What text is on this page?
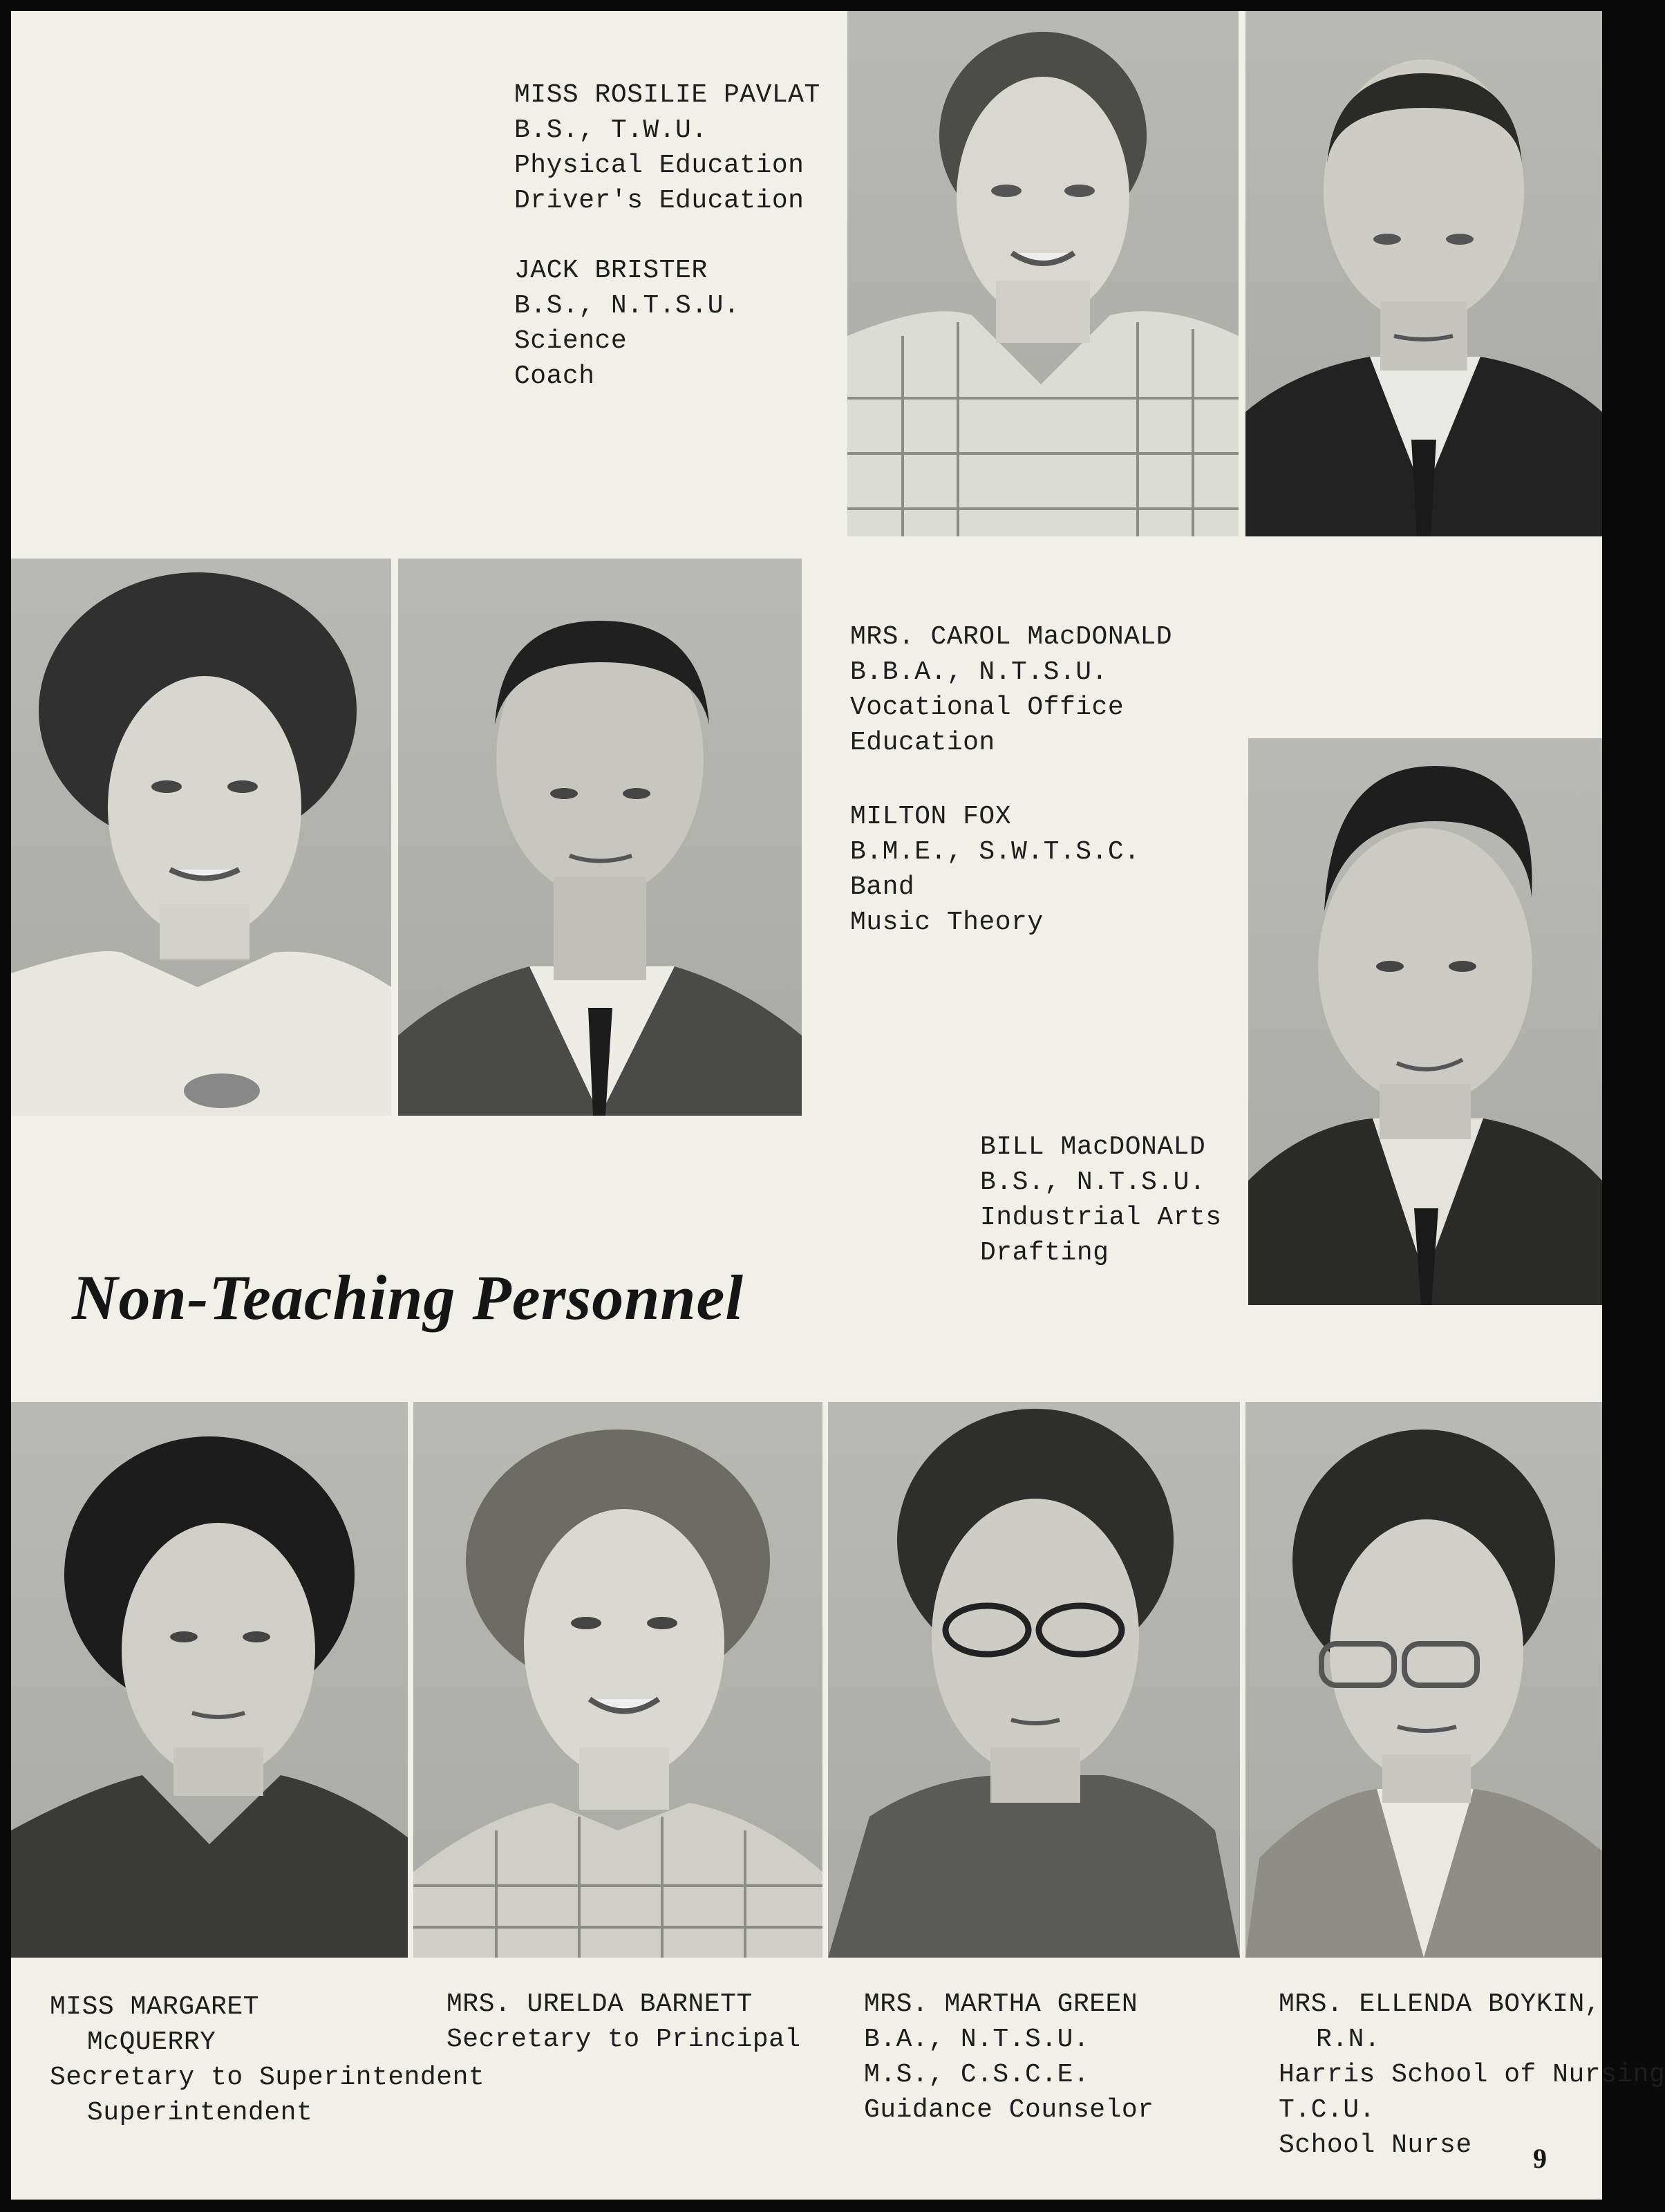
MISS ROSILIE PAVLAT
B.S., T.W.U.
Physical Education
Driver's Education
JACK BRISTER
B.S., N.T.S.U.
Science
Coach
MRS. CAROL MacDONALD
B.B.A., N.T.S.U.
Vocational Office
Education
MILTON FOX
B.M.E., S.W.T.S.C.
Band
Music Theory
BILL MacDONALD
B.S., N.T.S.U.
Industrial Arts
Drafting
Non-Teaching Personnel
MISS MARGARET
McQUERRY
Secretary to Superintendent
Superintendent
MRS. URELDA BARNETT
Secretary to Principal
MRS. MARTHA GREEN
B.A., N.T.S.U.
M.S., C.S.C.E.
Guidance Counselor
MRS. ELLENDA BOYKIN,
R.N.
Harris School of Nursing
T.C.U.
School Nurse	9
